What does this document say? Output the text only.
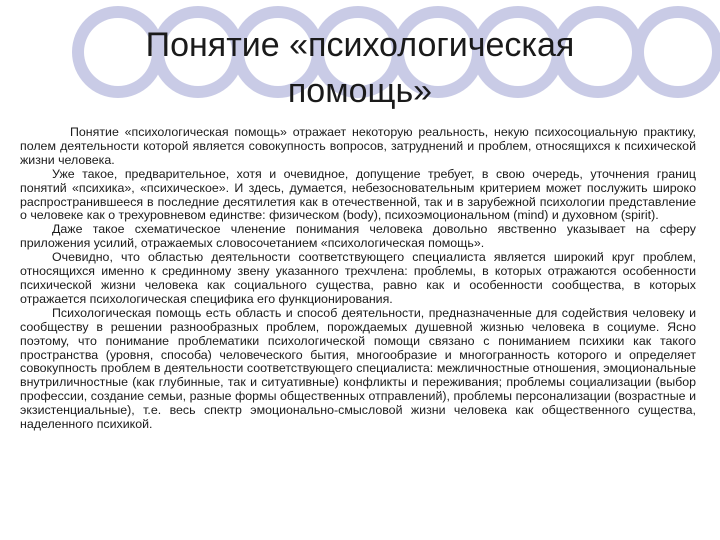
Понятие «психологическая
помощь»

Понятие «психологическая помощь» отражает некоторую реальность, некую психосоциальную практику, полем деятельности которой является совокупность вопросов, затруднений и проблем, относящихся к психической жизни человека.

Уже такое, предварительное, хотя и очевидное, допущение требует, в свою очередь, уточнения границ понятий «психика», «психическое». И здесь, думается, небезосновательным критерием может послужить широко распространившееся в последние десятилетия как в отечественной, так и в зарубежной психологии представление о человеке как о трехуровневом единстве: физическом (body), психоэмоциональном (mind) и духовном (spirit).

Даже такое схематическое членение понимания человека довольно явственно указывает на сферу приложения усилий, отражаемых словосочетанием «психологическая помощь».

Очевидно, что областью деятельности соответствующего специалиста является широкий круг проблем, относящихся именно к срединному звену указанного трехчлена: проблемы, в которых отражаются особенности психической жизни человека как социального существа, равно как и особенности сообщества, в которых отражается психологическая специфика его функционирования.

Психологическая помощь есть область и способ деятельности, предназначенные для содействия человеку и сообществу в решении разнообразных проблем, порождаемых душевной жизнью человека в социуме. Ясно поэтому, что понимание проблематики психологической помощи связано с пониманием психики как такого пространства (уровня, способа) человеческого бытия, многообразие и многогранность которого и определяет совокупность проблем в деятельности соответствующего специалиста: межличностные отношения, эмоциональные внутриличностные (как глубинные, так и ситуативные) конфликты и переживания; проблемы социализации (выбор профессии, создание семьи, разные формы общественных отправлений), проблемы персонализации (возрастные и экзистенциальные), т.е. весь спектр эмоционально-смысловой жизни человека как общественного существа, наделенного психикой.
